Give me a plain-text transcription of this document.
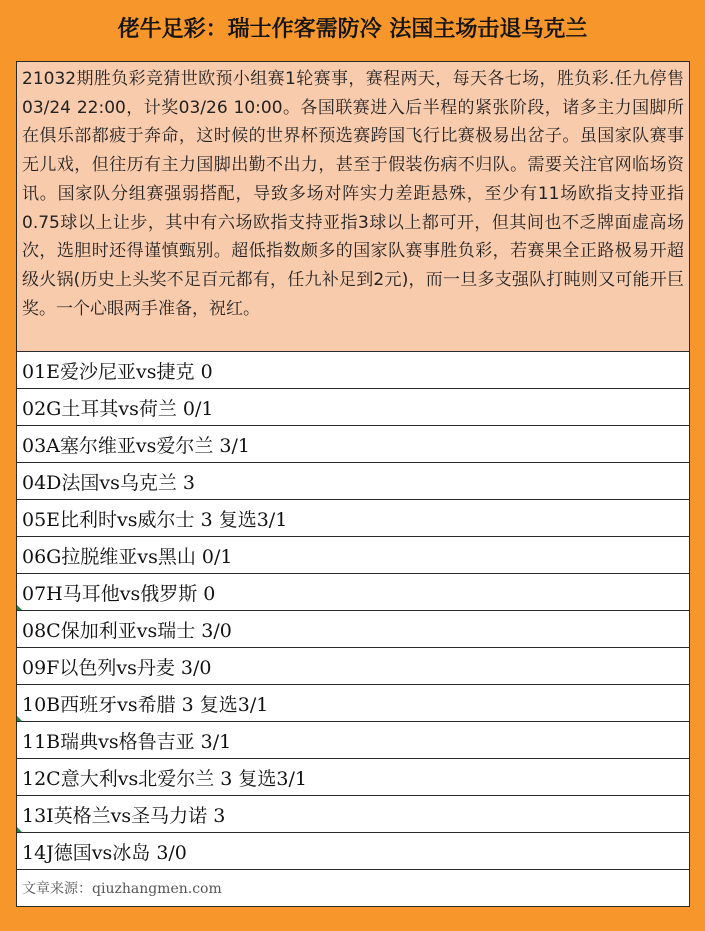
佬牛足彩：瑞士作客需防冷 法国主场击退乌克兰
21032期胜负彩竞猜世欧预小组赛1轮赛事，赛程两天，每天各七场，胜负彩.任九停售03/24 22:00，计奖03/26 10:00。各国联赛进入后半程的紧张阶段，诸多主力国脚所在俱乐部都疲于奔命，这时候的世界杯预选赛跨国飞行比赛极易出岔子。虽国家队赛事无儿戏，但往历有主力国脚出勤不出力，甚至于假装伤病不归队。需要关注官网临场资讯。国家队分组赛强弱搭配，导致多场对阵实力差距悬殊，至少有11场欧指支持亚指0.75球以上让步，其中有六场欧指支持亚指3球以上都可开，但其间也不乏牌面虚高场次，选胆时还得谨慎甄别。超低指数颇多的国家队赛事胜负彩，若赛果全正路极易开超级火锅(历史上头奖不足百元都有，任九补足到2元)，而一旦多支强队打盹则又可能开巨奖。一个心眼两手准备，祝红。
01E爱沙尼亚vs捷克 0
02G土耳其vs荷兰 0/1
03A塞尔维亚vs爱尔兰 3/1
04D法国vs乌克兰 3
05E比利时vs威尔士 3 复选3/1
06G拉脱维亚vs黑山 0/1
07H马耳他vs俄罗斯 0
08C保加利亚vs瑞士 3/0
09F以色列vs丹麦 3/0
10B西班牙vs希腊 3 复选3/1
11B瑞典vs格鲁吉亚 3/1
12C意大利vs北爱尔兰 3 复选3/1
13I英格兰vs圣马力诺 3
14J德国vs冰岛 3/0
文章来源：qiuzhangmen.com
